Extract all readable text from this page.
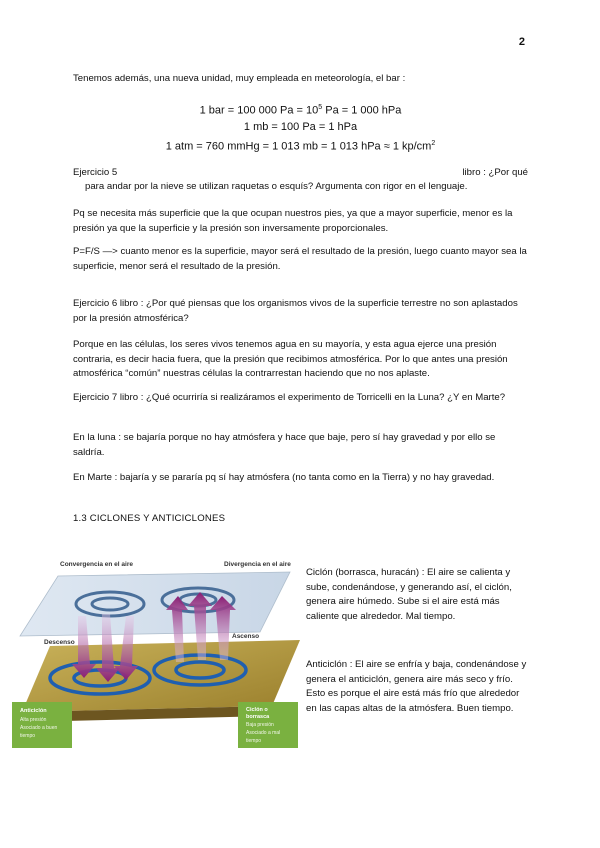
2

Tenemos además, una nueva unidad, muy empleada en meteorología, el bar :

1 bar = 100 000 $Pa = 10^5$ Pa = 1 000 hPa
1 mb = 100 Pa = 1 hPa
1 atm = 760 mmHg = 1 013 mb = 1 013 hPa ≈ 1 $kp/cm^2$
Ejercicio 5	libro : ¿Por qué
para andar por la nieve se utilizan raquetas o esquís? Argumenta con rigor en el lenguaje.

Pq se necesita más superficie que la que ocupan nuestros pies, ya que a mayor superficie, menor es la presión ya que la superficie y la presión son inversamente proporcionales.

P=F/S —> cuanto menor es la superficie, mayor será el resultado de la presión, luego cuanto mayor sea la superficie, menor será el resultado de la presión.

Ejercicio 6 libro : ¿Por qué piensas que los organismos vivos de la superficie terrestre no son aplastados por la presión atmosférica?

Porque en las células, los seres vivos tenemos agua en su mayoría, y esta agua ejerce una presión contraria, es decir hacia fuera, que la presión que recibimos atmosférica. Por lo que antes una presión atmosférica “común” nuestras células la contrarrestan haciendo que no nos aplaste.

Ejercicio 7 libro : ¿Qué ocurriría si realizáramos el experimento de Torricelli en la Luna? ¿Y en Marte?

En la luna : se bajaría porque no hay atmósfera y hace que baje, pero sí hay gravedad y por ello se saldría.

En Marte : bajaría y se pararía pq sí hay atmósfera (no tanta como en la Tierra) y no hay gravedad.

1.3 CICLONES Y ANTICICLONES
Convergencia en el aire	Divergencia en el aire
Descenso
Ascenso
Anticiclón
Alta presión
Asociado a buen
tiempo
Ciclón o
borrasca
Baja presión
Asociado a mal
tiempo

Ciclón (borrasca, huracán) : El aire se calienta y sube, condenándose, y generando así, el ciclón, genera aire húmedo. Sube si el aire está más caliente que alrededor. Mal tiempo.

Anticiclón : El aire se enfría y baja, condenándose y genera el anticiclón, genera aire más seco y frío. Esto es porque el aire está más frío que alrededor en las capas altas de la atmósfera. Buen tiempo.
